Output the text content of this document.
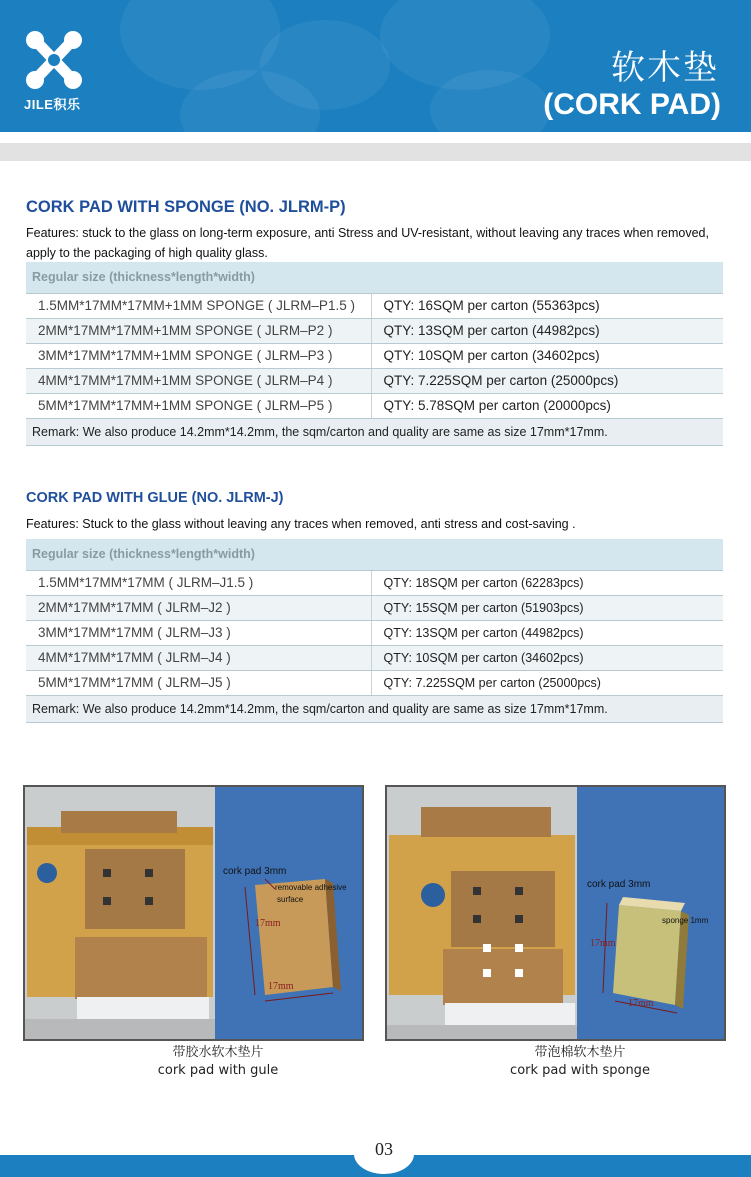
JILE积乐
软木垫
(CORK PAD)
CORK PAD WITH SPONGE (NO. JLRM-P)
Features: stuck to the glass on long-term exposure, anti Stress and UV-resistant, without leaving any traces when removed, apply to the packaging of high quality glass.
Regular size (thickness*length*width)	
1.5MM*17MM*17MM+1MM SPONGE ( JLRM–P1.5 )	QTY: 16SQM per carton (55363pcs)
2MM*17MM*17MM+1MM SPONGE ( JLRM–P2 )	QTY: 13SQM per carton (44982pcs)
3MM*17MM*17MM+1MM SPONGE ( JLRM–P3 )	QTY: 10SQM per carton (34602pcs)
4MM*17MM*17MM+1MM SPONGE ( JLRM–P4 )	QTY: 7.225SQM per carton (25000pcs)
5MM*17MM*17MM+1MM SPONGE ( JLRM–P5 )	QTY: 5.78SQM per carton (20000pcs)
Remark: We also produce 14.2mm*14.2mm, the sqm/carton and quality are same as size 17mm*17mm.	
CORK PAD WITH GLUE (NO. JLRM-J)
Features: Stuck to the glass without leaving any traces when removed, anti stress and cost-saving .
Regular size (thickness*length*width)	
1.5MM*17MM*17MM ( JLRM–J1.5 )	QTY: 18SQM per carton (62283pcs)
2MM*17MM*17MM ( JLRM–J2 )	QTY: 15SQM per carton (51903pcs)
3MM*17MM*17MM ( JLRM–J3 )	QTY: 13SQM per carton (44982pcs)
4MM*17MM*17MM ( JLRM–J4 )	QTY: 10SQM per carton (34602pcs)
5MM*17MM*17MM ( JLRM–J5 )	QTY: 7.225SQM per carton (25000pcs)
Remark: We also produce 14.2mm*14.2mm, the sqm/carton and quality are same as size 17mm*17mm.	
cork pad 3mm
removable adhesive
surface
17mm
17mm
带胶水软木垫片
cork pad with gule
cork pad 3mm
sponge 1mm
17mm
17mm
带泡棉软木垫片
cork pad with sponge
03
